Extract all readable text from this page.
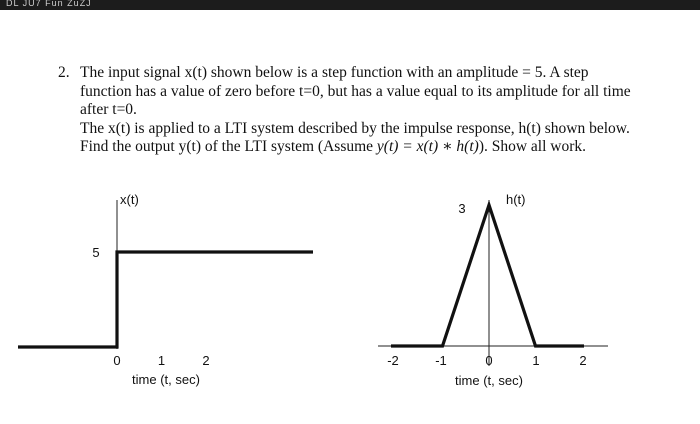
DL JU7 Fun ZuZJ
2. The input signal x(t) shown below is a step function with an amplitude = 5. A step function has a value of zero before t=0, but has a value equal to its amplitude for all time after t=0.

The x(t) is applied to a LTI system described by the impulse response, h(t) shown below. Find the output y(t) of the LTI system (Assume y(t) = x(t) ∗ h(t)). Show all work.

x(t)
5
0	1	2
time (t, sec)
h(t)
3
-2	-1	0	1	2
time (t, sec)
